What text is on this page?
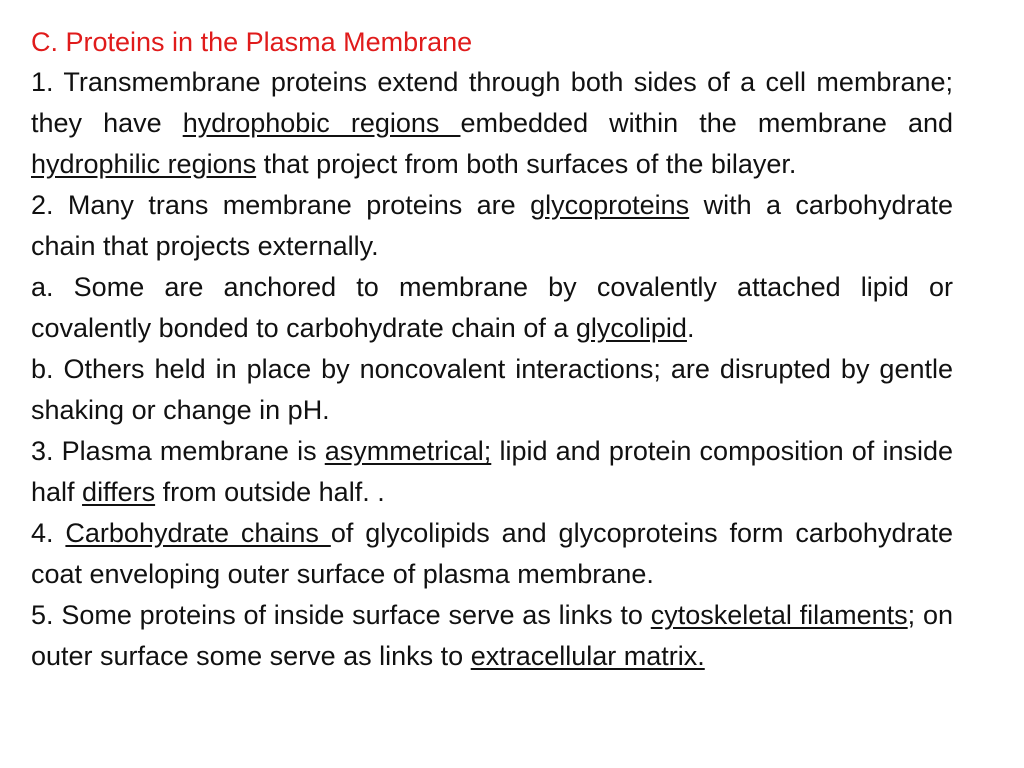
C. Proteins in the Plasma Membrane

1. Transmembrane proteins extend through both sides of a cell membrane; they have hydrophobic regions embedded within the membrane and hydrophilic regions that project from both surfaces of the bilayer.

2. Many trans membrane proteins are glycoproteins with a carbohydrate chain that projects externally.

a. Some are anchored to membrane by covalently attached lipid or covalently bonded to carbohydrate chain of a glycolipid.

b. Others held in place by noncovalent interactions; are disrupted by gentle shaking or change in pH.

3. Plasma membrane is asymmetrical; lipid and protein composition of inside half differs from outside half. .

4. Carbohydrate chains of glycolipids and glycoproteins form carbohydrate coat enveloping outer surface of plasma membrane.

5. Some proteins of inside surface serve as links to cytoskeletal filaments; on outer surface some serve as links to extracellular matrix.
